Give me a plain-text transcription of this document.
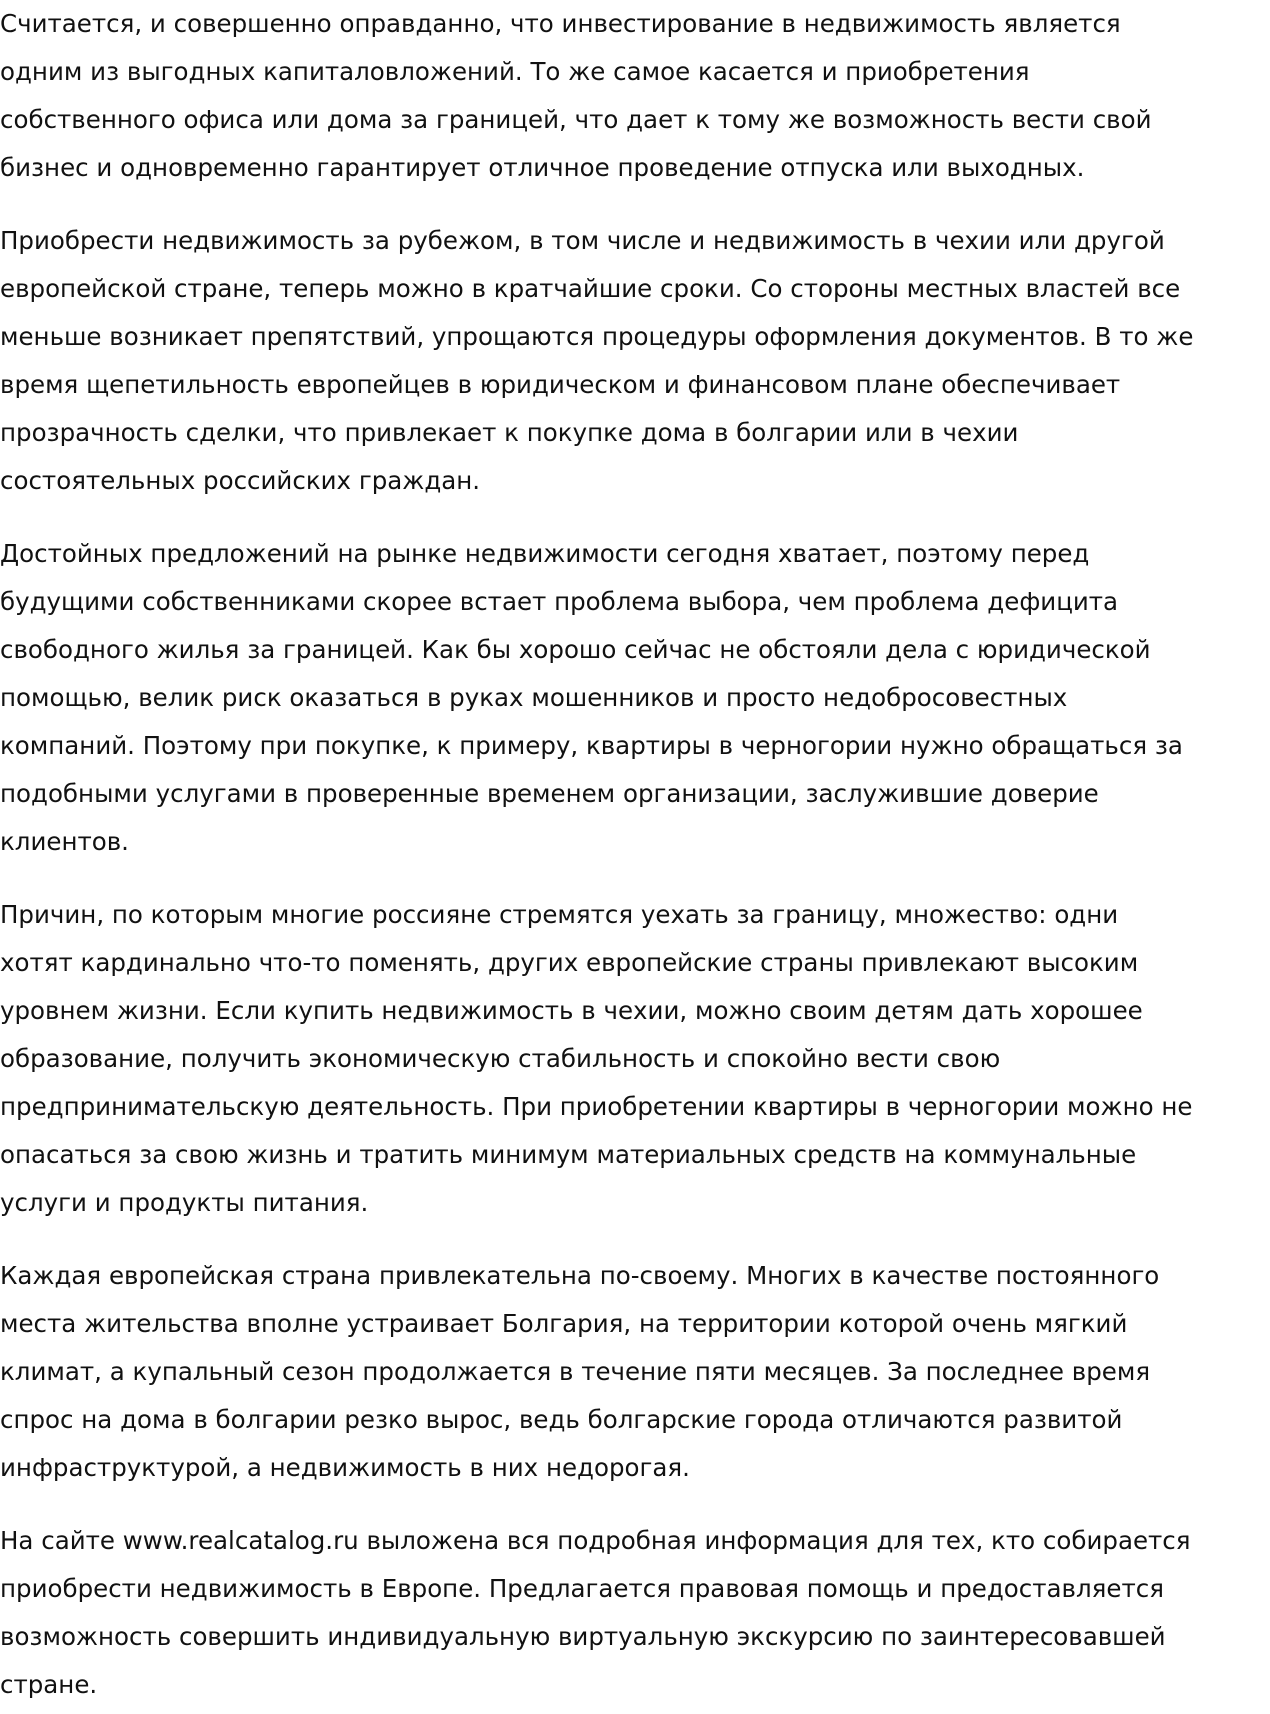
Считается, и совершенно оправданно, что инвестирование в недвижимость является
одним из выгодных капиталовложений. То же самое касается и приобретения
собственного офиса или дома за границей, что дает к тому же возможность вести свой
бизнес и одновременно гарантирует отличное проведение отпуска или выходных.

Приобрести недвижимость за рубежом, в том числе и недвижимость в чехии или другой
европейской стране, теперь можно в кратчайшие сроки. Со стороны местных властей все
меньше возникает препятствий, упрощаются процедуры оформления документов. В то же
время щепетильность европейцев в юридическом и финансовом плане обеспечивает
прозрачность сделки, что привлекает к покупке дома в болгарии или в чехии
состоятельных российских граждан.

Достойных предложений на рынке недвижимости сегодня хватает, поэтому перед
будущими собственниками скорее встает проблема выбора, чем проблема дефицита
свободного жилья за границей. Как бы хорошо сейчас не обстояли дела с юридической
помощью, велик риск оказаться в руках мошенников и просто недобросовестных
компаний. Поэтому при покупке, к примеру, квартиры в черногории нужно обращаться за
подобными услугами в проверенные временем организации, заслужившие доверие
клиентов.

Причин, по которым многие россияне стремятся уехать за границу, множество: одни
хотят кардинально что-то поменять, других европейские страны привлекают высоким
уровнем жизни. Если купить недвижимость в чехии, можно своим детям дать хорошее
образование, получить экономическую стабильность и спокойно вести свою
предпринимательскую деятельность. При приобретении квартиры в черногории можно не
опасаться за свою жизнь и тратить минимум материальных средств на коммунальные
услуги и продукты питания.

Каждая европейская страна привлекательна по-своему. Многих в качестве постоянного
места жительства вполне устраивает Болгария, на территории которой очень мягкий
климат, а купальный сезон продолжается в течение пяти месяцев. За последнее время
спрос на дома в болгарии резко вырос, ведь болгарские города отличаются развитой
инфраструктурой, а недвижимость в них недорогая.

На сайте www.realcatalog.ru выложена вся подробная информация для тех, кто собирается
приобрести недвижимость в Европе. Предлагается правовая помощь и предоставляется
возможность совершить индивидуальную виртуальную экскурсию по заинтересовавшей
стране.
